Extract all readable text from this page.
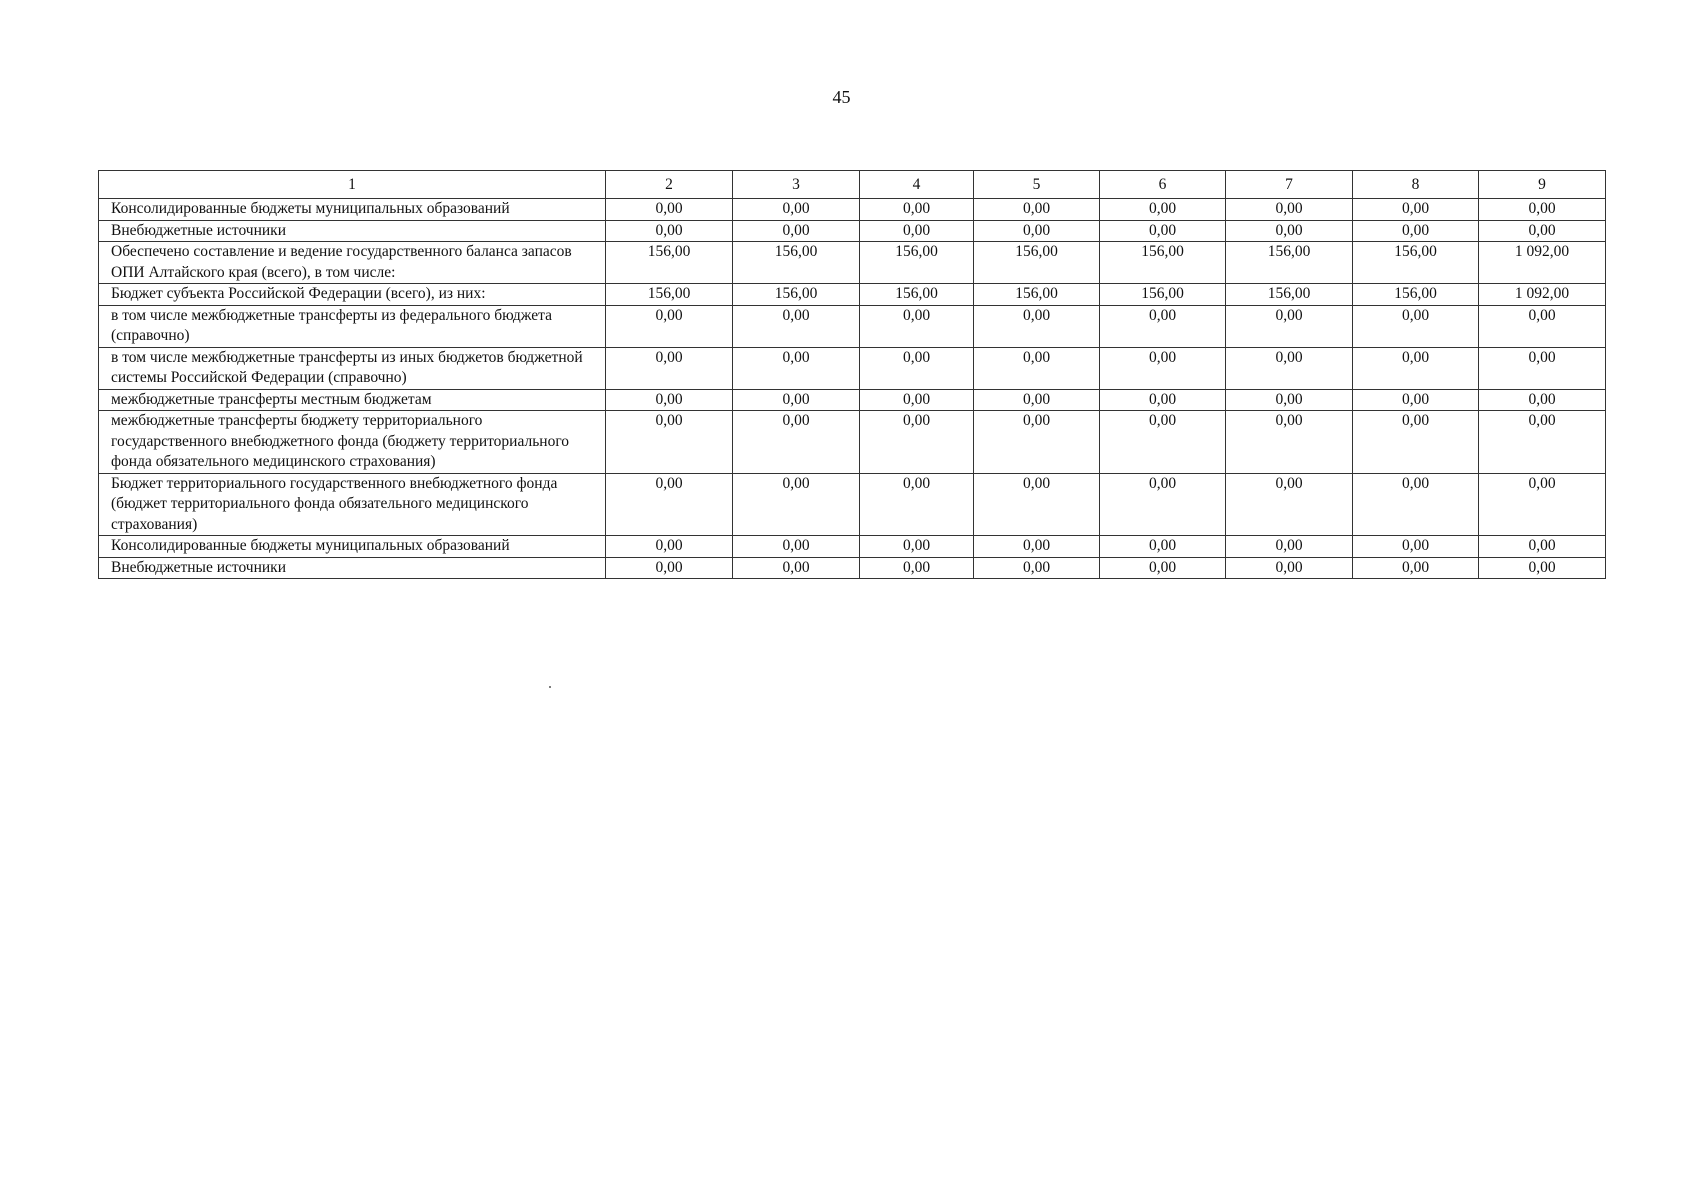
45
1	2	3	4	5	6	7	8	9
Консолидированные бюджеты муниципальных образований	0,00	0,00	0,00	0,00	0,00	0,00	0,00	0,00
Внебюджетные источники	0,00	0,00	0,00	0,00	0,00	0,00	0,00	0,00
Обеспечено составление и ведение государственного баланса запасов ОПИ Алтайского края (всего), в том числе:	156,00	156,00	156,00	156,00	156,00	156,00	156,00	1 092,00
Бюджет субъекта Российской Федерации (всего), из них:	156,00	156,00	156,00	156,00	156,00	156,00	156,00	1 092,00
в том числе межбюджетные трансферты из федерального бюджета (справочно)	0,00	0,00	0,00	0,00	0,00	0,00	0,00	0,00
в том числе межбюджетные трансферты из иных бюджетов бюджетной системы Российской Федерации (справочно)	0,00	0,00	0,00	0,00	0,00	0,00	0,00	0,00
межбюджетные трансферты местным бюджетам	0,00	0,00	0,00	0,00	0,00	0,00	0,00	0,00
межбюджетные трансферты бюджету территориального государственного внебюджетного фонда (бюджету территориального фонда обязательного медицинского страхования)	0,00	0,00	0,00	0,00	0,00	0,00	0,00	0,00
Бюджет территориального государственного внебюджетного фонда (бюджет территориального фонда обязательного медицинского страхования)	0,00	0,00	0,00	0,00	0,00	0,00	0,00	0,00
Консолидированные бюджеты муниципальных образований	0,00	0,00	0,00	0,00	0,00	0,00	0,00	0,00
Внебюджетные источники	0,00	0,00	0,00	0,00	0,00	0,00	0,00	0,00
